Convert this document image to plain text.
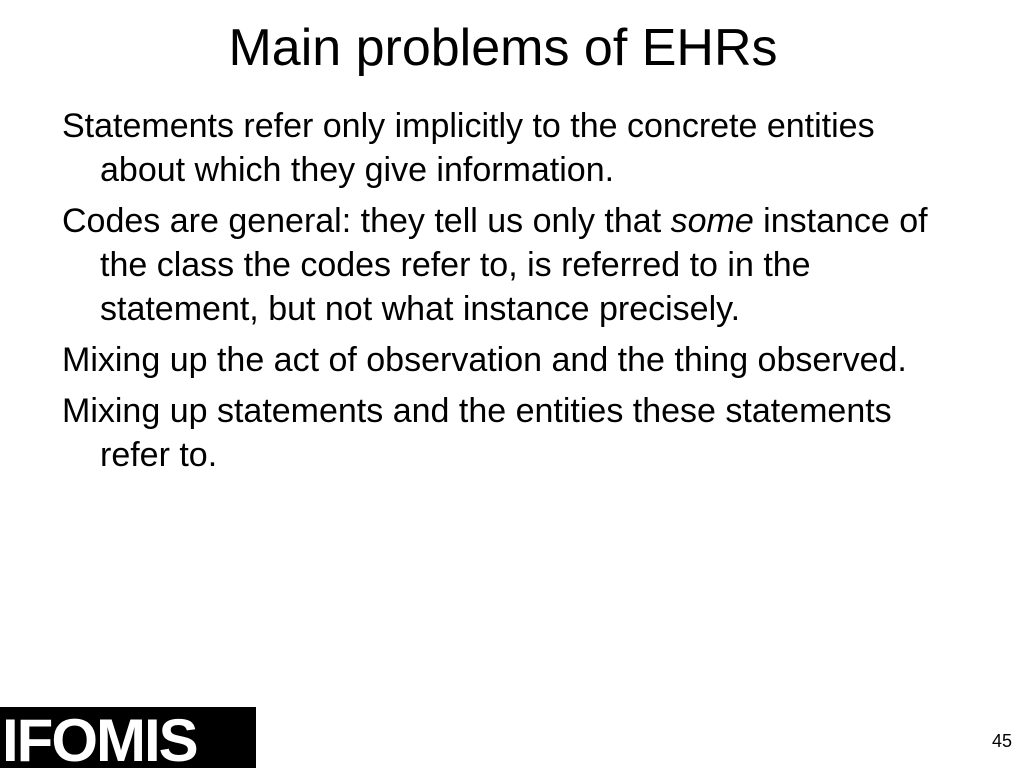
Main problems of EHRs
Statements refer only implicitly to the concrete entities about which they give information.
Codes are general: they tell us only that some instance of the class the codes refer to, is referred to in the statement, but not what instance precisely.
Mixing up the act of observation and the thing observed.
Mixing up statements and the entities these statements refer to.
IFOMIS	45
